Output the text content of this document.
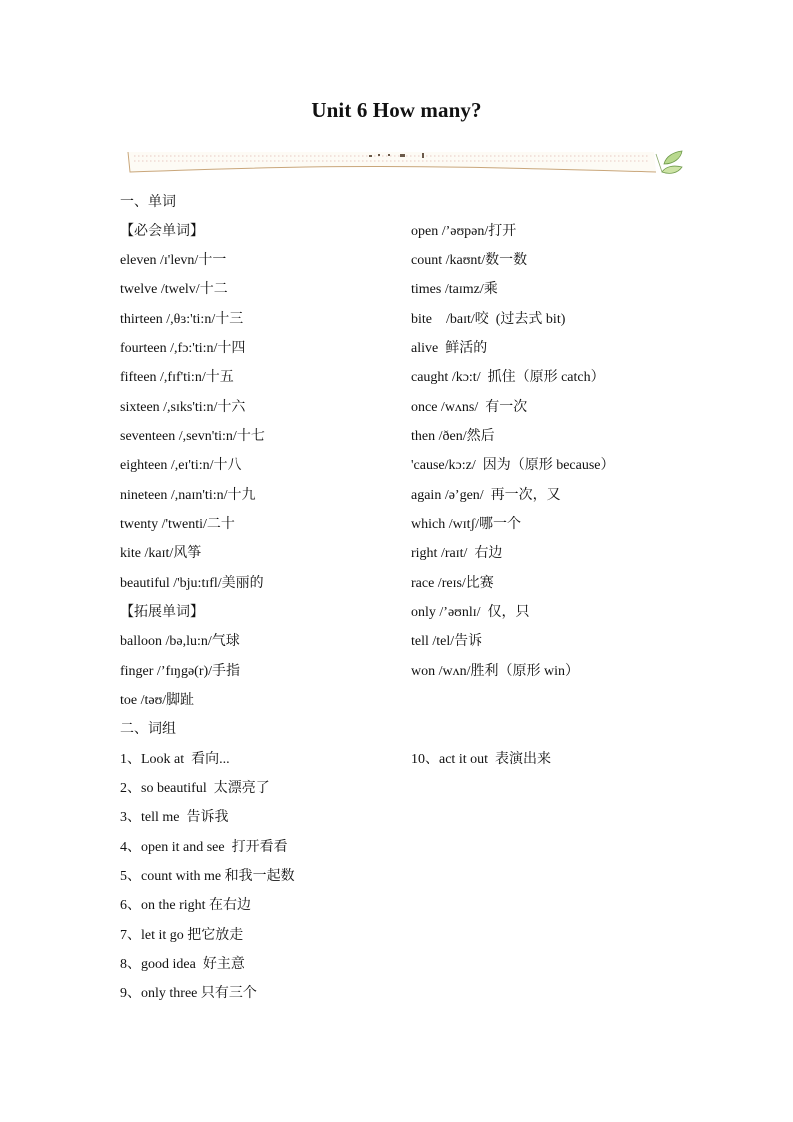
Unit 6 How many?
一、单词
【必会单词】
eleven /ɪ'levn/十一
twelve /twelv/十二
thirteen /,θɜ:'ti:n/十三
fourteen /,fɔ:'ti:n/十四
fifteen /,fɪf'ti:n/十五
sixteen /,sɪks'ti:n/十六
seventeen /,sevn'ti:n/十七
eighteen /,eɪ'ti:n/十八
nineteen /,naɪn'ti:n/十九
twenty /'twenti/二十
kite /kaɪt/风筝
beautiful /'bju:tɪfl/美丽的
【拓展单词】
balloon /bə,lu:n/气球
finger /’fɪŋgə(r)/手指
toe /təʊ/脚趾
open /’əʊpən/打开
count /kaʊnt/数一数
times /taɪmz/乘
bite    /baɪt/咬  (过去式 bit)
alive  鲜活的
caught /kɔ:t/  抓住（原形 catch）
once /wʌns/  有一次
then /ðen/然后
'cause/kɔ:z/  因为（原形 because）
again /ə’gen/  再一次，又
which /wɪtʃ/哪一个
right /raɪt/  右边
race /reɪs/比赛
only /’əʊnlɪ/  仅，只
tell /tel/告诉
won /wʌn/胜利（原形 win）
二、词组
1、Look at  看向...
2、so beautiful  太漂亮了
3、tell me  告诉我
4、open it and see  打开看看
5、count with me 和我一起数
6、on the right 在右边
7、let it go 把它放走
8、good idea  好主意
9、only three 只有三个
10、act it out  表演出来
